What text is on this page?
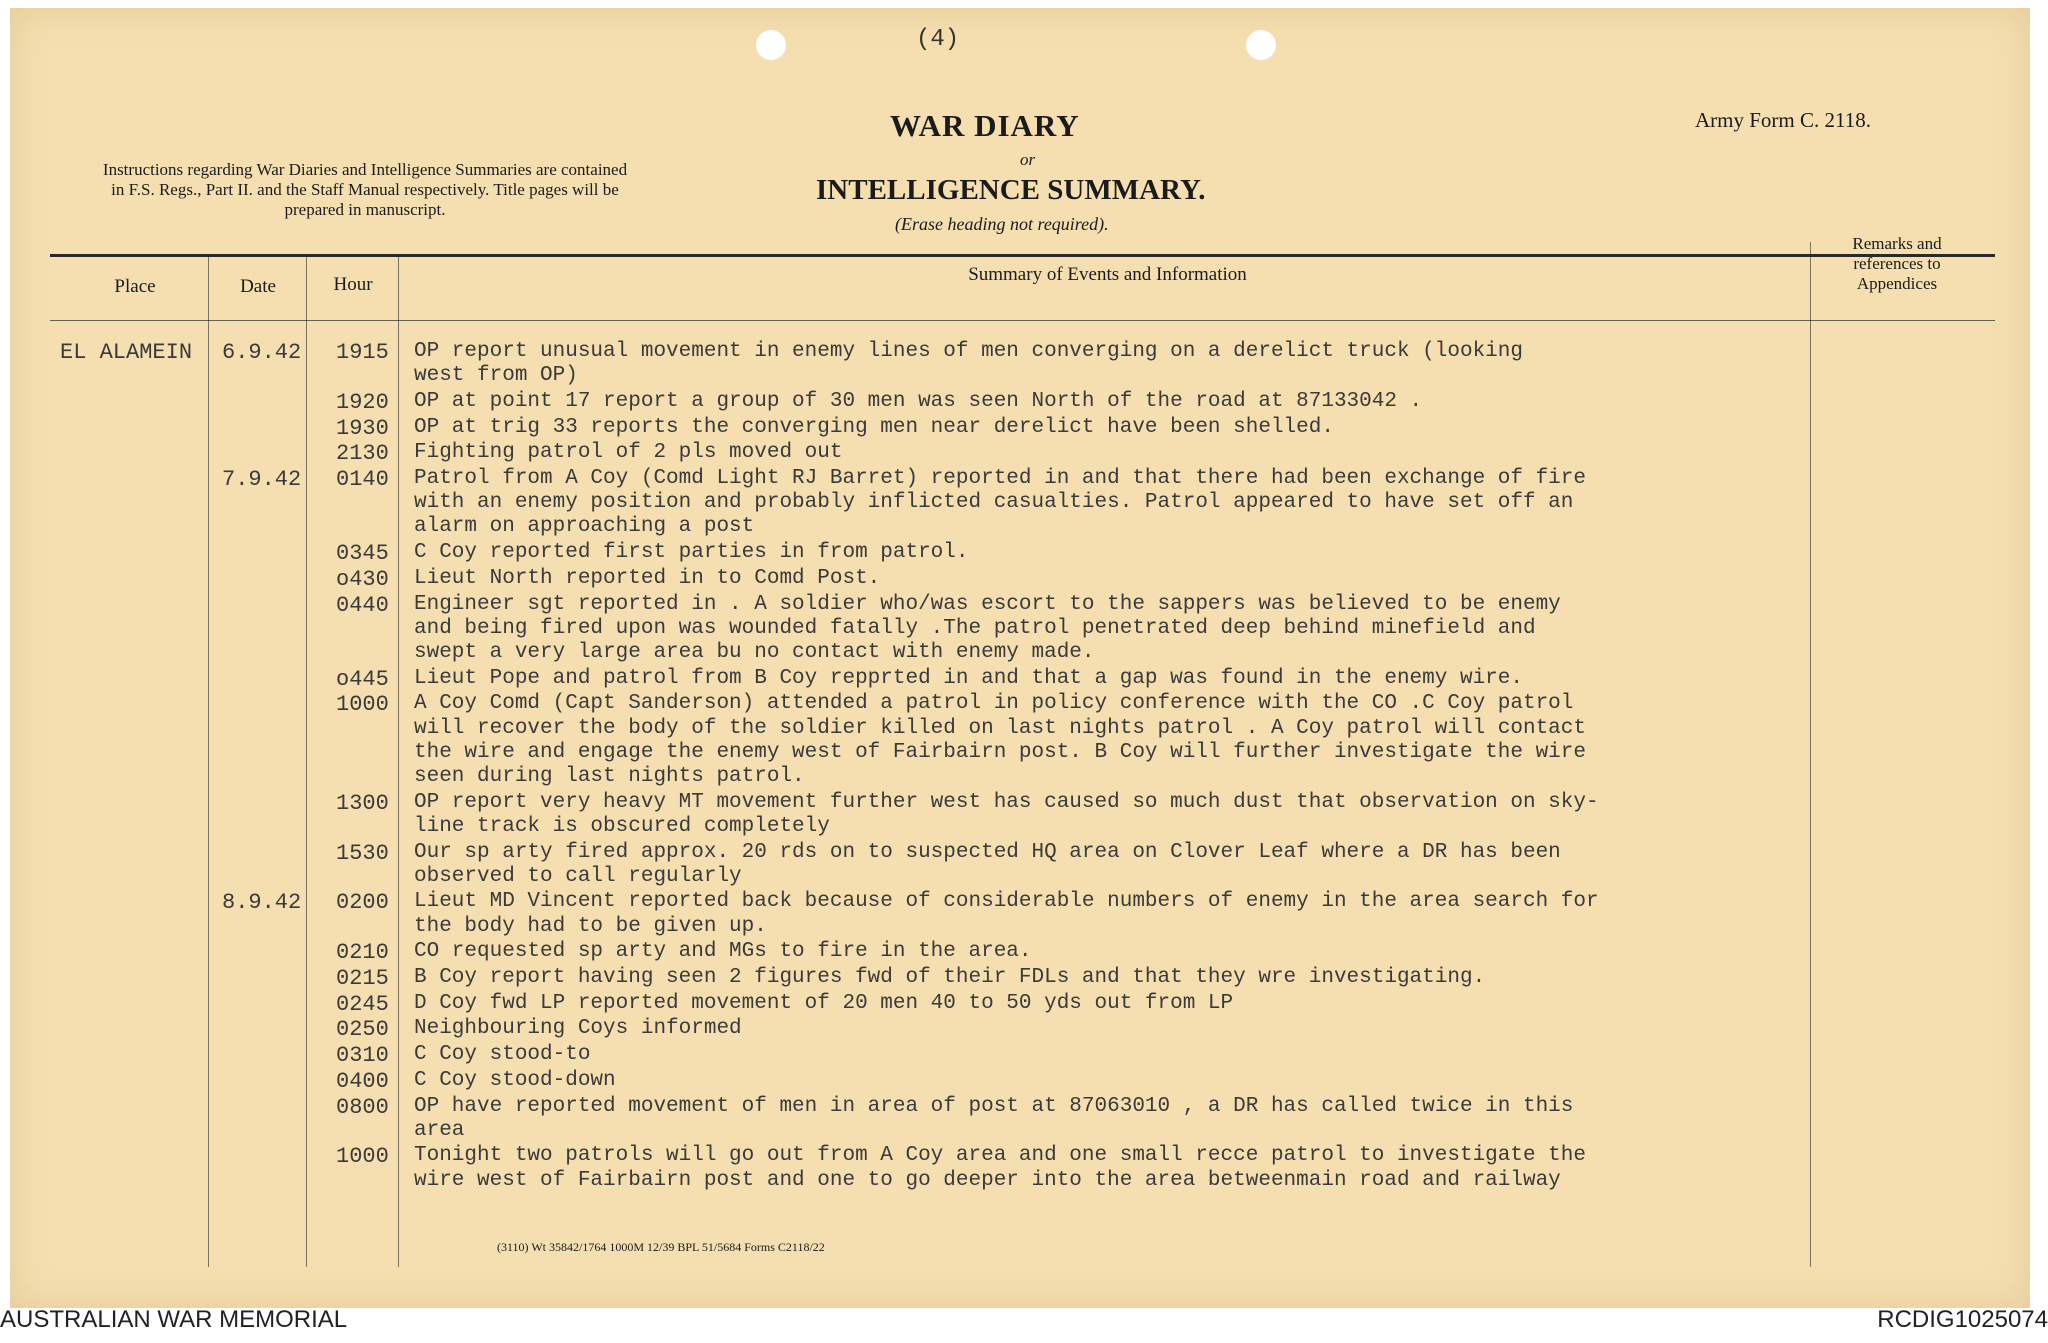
(4)
WAR DIARY
or
INTELLIGENCE SUMMARY.
(Erase heading not required).
Army Form C. 2118.
Instructions regarding War Diaries and Intelligence Summaries are contained in F.S. Regs., Part II. and the Staff Manual respectively. Title pages will be prepared in manuscript.
Place	Date	Hour	Summary of Events and Information
Remarks and references to Appendices
EL ALAMEIN 6.9.42 1915 OP report unusual movement in enemy lines of men converging on a derelict truck (looking
west from OP)
1920 OP at point 17 report a group of 30 men was seen North of the road at 87133042 .
1930 OP at trig 33 reports the converging men near derelict have been shelled.
2130 Fighting patrol of 2 pls moved out
7.9.42 0140 Patrol from A Coy (Comd Light RJ Barret) reported in and that there had been exchange of fire
with an enemy position and probably inflicted casualties. Patrol appeared to have set off an
alarm on approaching a post
0345 C Coy reported first parties in from patrol.
o430 Lieut North reported in to Comd Post.
0440 Engineer sgt reported in . A soldier who/was escort to the sappers was believed to be enemy
and being fired upon was wounded fatally .The patrol penetrated deep behind minefield and
swept a very large area bu no contact with enemy made.
o445 Lieut Pope and patrol from B Coy repprted in and that a gap was found in the enemy wire.
1000 A Coy Comd (Capt Sanderson) attended a patrol in policy conference with the CO .C Coy patrol
will recover the body of the soldier killed on last nights patrol . A Coy patrol will contact
the wire and engage the enemy west of Fairbairn post. B Coy will further investigate the wire
seen during last nights patrol.
1300 OP report very heavy MT movement further west has caused so much dust that observation on sky-
line track is obscured completely
1530 Our sp arty fired approx. 20 rds on to suspected HQ area on Clover Leaf where a DR has been
observed to call regularly
8.9.42 0200 Lieut MD Vincent reported back because of considerable numbers of enemy in the area search for
the body had to be given up.
0210 CO requested sp arty and MGs to fire in the area.
0215 B Coy report having seen 2 figures fwd of their FDLs and that they wre investigating.
0245 D Coy fwd LP reported movement of 20 men 40 to 50 yds out from LP
0250 Neighbouring Coys informed
0310 C Coy stood-to
0400 C Coy stood-down
0800 OP have reported movement of men in area of post at 87063010 , a DR has called twice in this
area
1000 Tonight two patrols will go out from A Coy area and one small recce patrol to investigate the
wire west of Fairbairn post and one to go deeper into the area betweenmain road and railway
(3110) Wt 35842/1764 1000M 12/39 BPL 51/5684 Forms C2118/22
AUSTRALIAN WAR MEMORIAL	RCDIG1025074
